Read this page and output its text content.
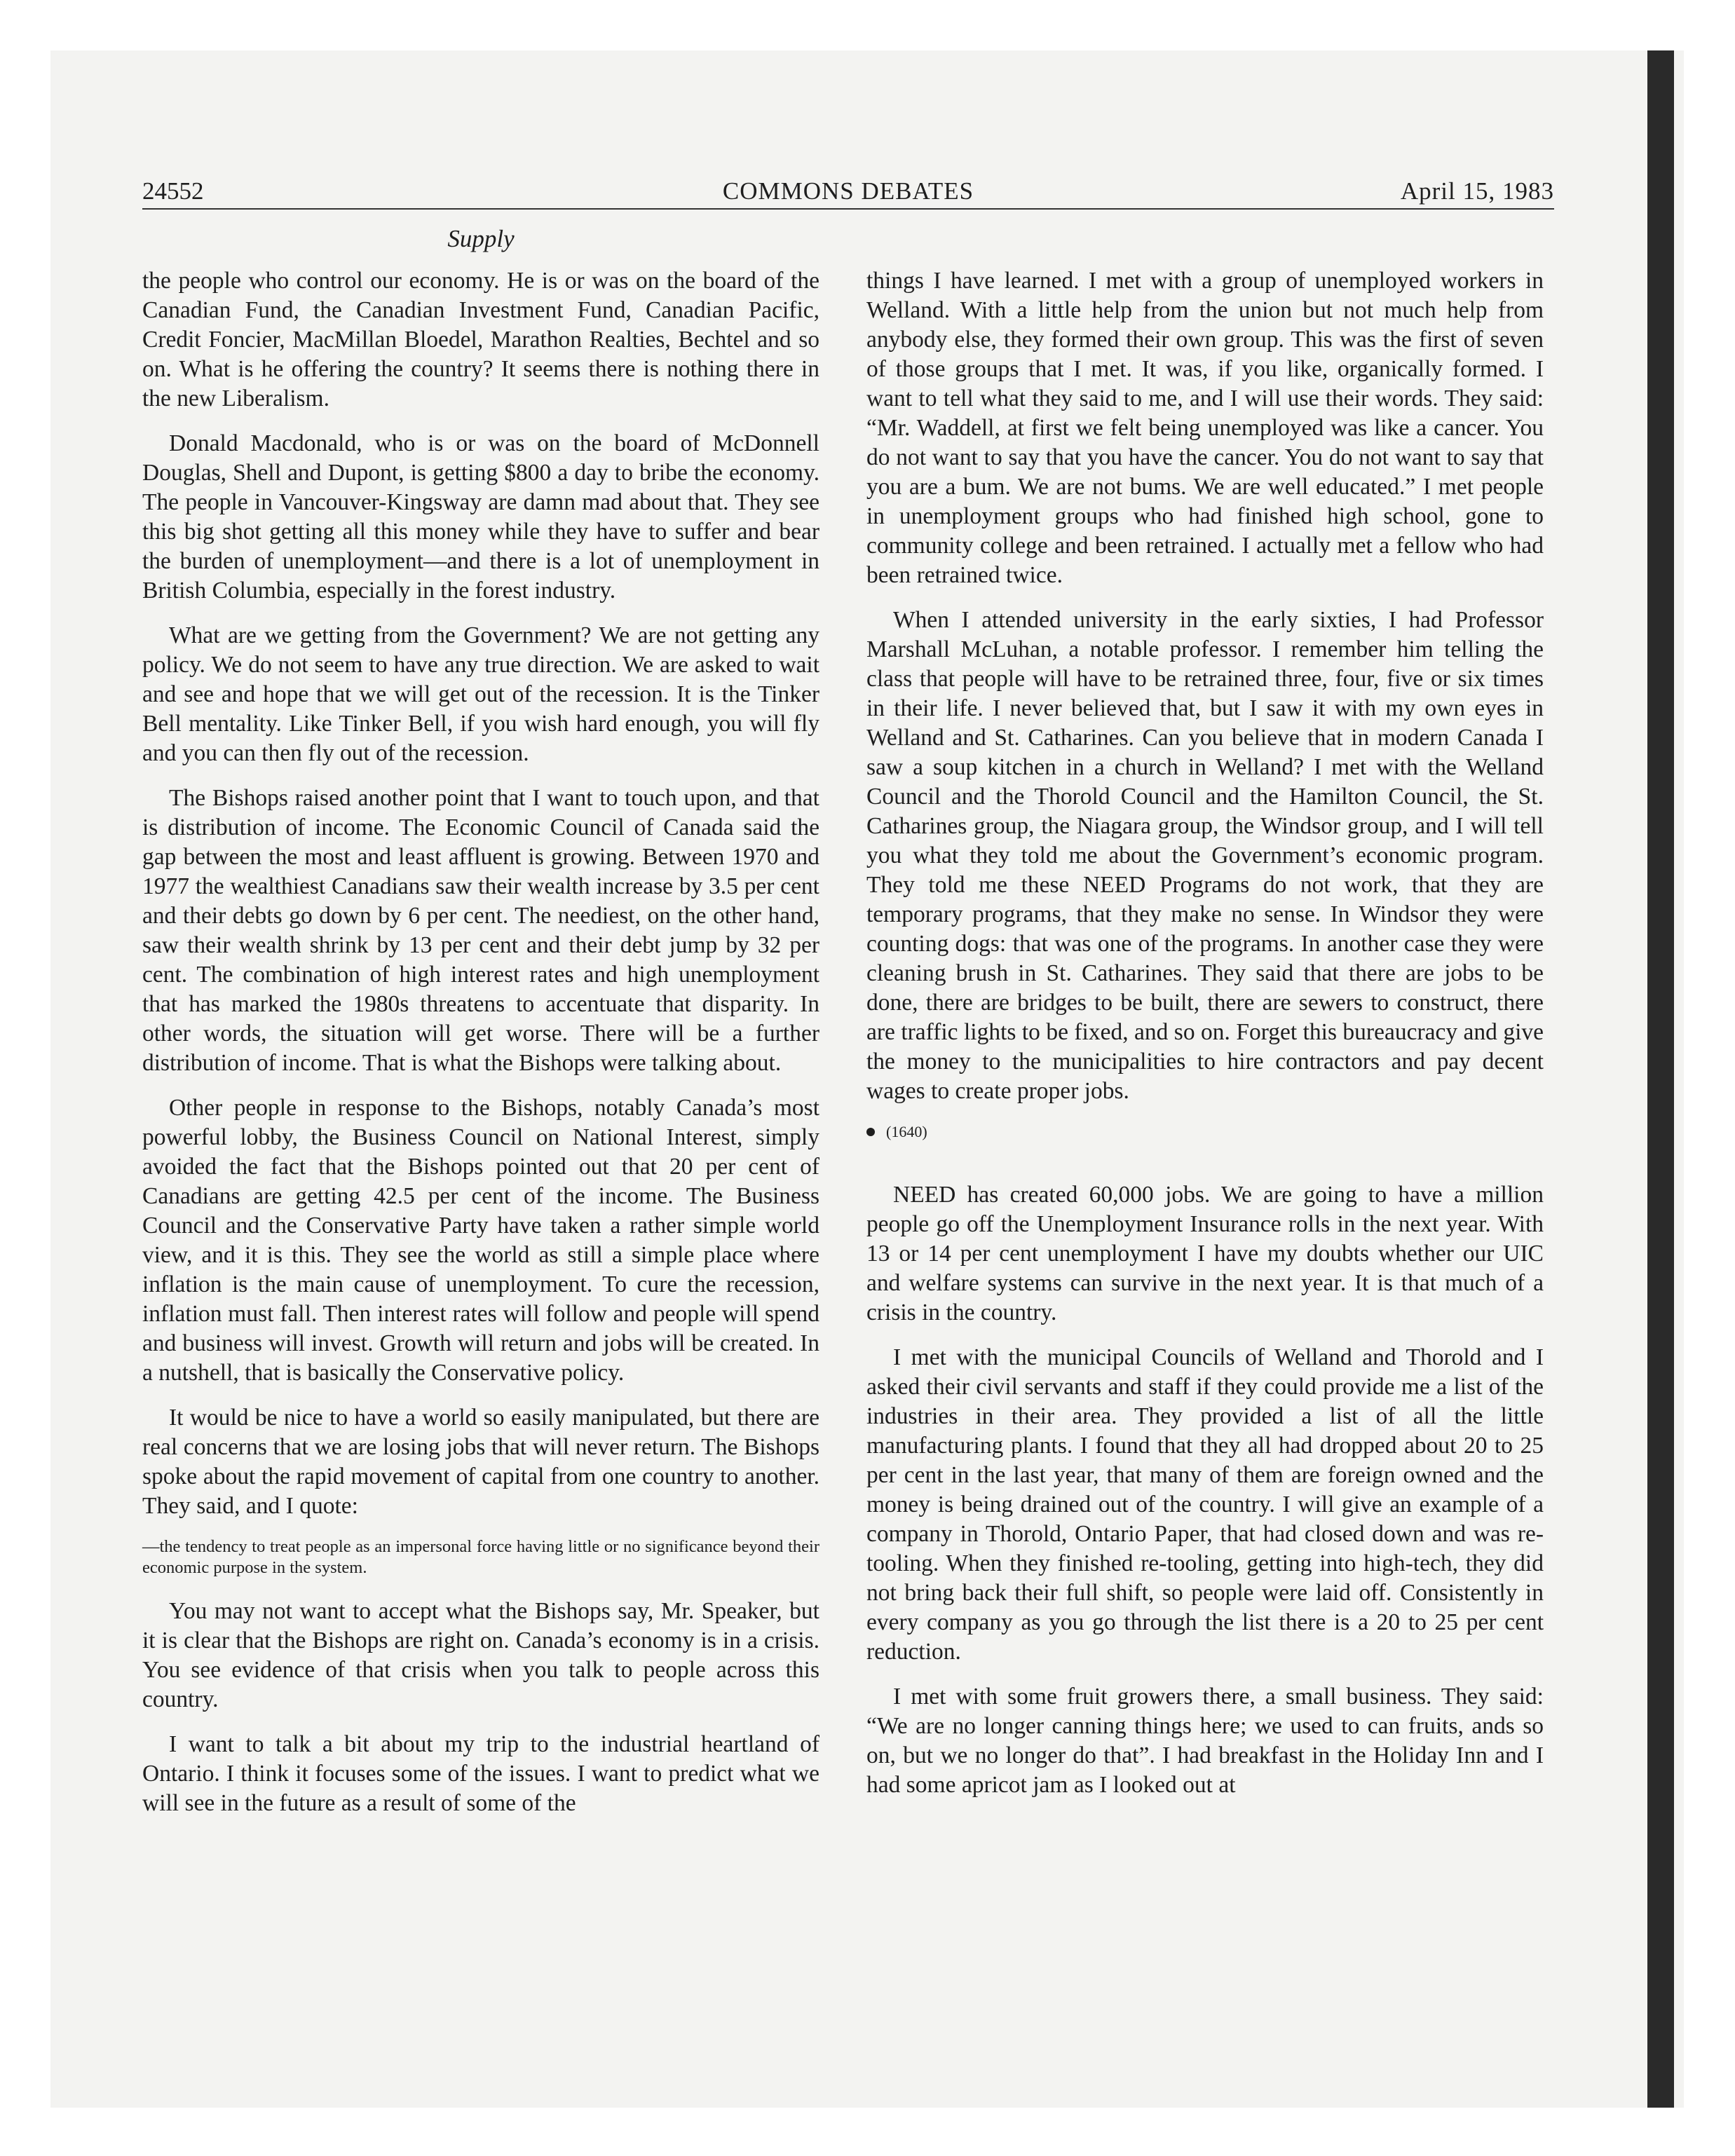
24552	COMMONS DEBATES	April 15, 1983
Supply

the people who control our economy. He is or was on the board of the Canadian Fund, the Canadian Investment Fund, Canadian Pacific, Credit Foncier, MacMillan Bloedel, Marathon Realties, Bechtel and so on. What is he offering the country? It seems there is nothing there in the new Liberalism.

Donald Macdonald, who is or was on the board of McDonnell Douglas, Shell and Dupont, is getting $800 a day to bribe the economy. The people in Vancouver-Kingsway are damn mad about that. They see this big shot getting all this money while they have to suffer and bear the burden of unemployment—and there is a lot of unemployment in British Columbia, especially in the forest industry.

What are we getting from the Government? We are not getting any policy. We do not seem to have any true direction. We are asked to wait and see and hope that we will get out of the recession. It is the Tinker Bell mentality. Like Tinker Bell, if you wish hard enough, you will fly and you can then fly out of the recession.

The Bishops raised another point that I want to touch upon, and that is distribution of income. The Economic Council of Canada said the gap between the most and least affluent is growing. Between 1970 and 1977 the wealthiest Canadians saw their wealth increase by 3.5 per cent and their debts go down by 6 per cent. The neediest, on the other hand, saw their wealth shrink by 13 per cent and their debt jump by 32 per cent. The combination of high interest rates and high unemployment that has marked the 1980s threatens to accentuate that disparity. In other words, the situation will get worse. There will be a further distribution of income. That is what the Bishops were talking about.

Other people in response to the Bishops, notably Canada’s most powerful lobby, the Business Council on National Interest, simply avoided the fact that the Bishops pointed out that 20 per cent of Canadians are getting 42.5 per cent of the income. The Business Council and the Conservative Party have taken a rather simple world view, and it is this. They see the world as still a simple place where inflation is the main cause of unemployment. To cure the recession, inflation must fall. Then interest rates will follow and people will spend and business will invest. Growth will return and jobs will be created. In a nutshell, that is basically the Conservative policy.

It would be nice to have a world so easily manipulated, but there are real concerns that we are losing jobs that will never return. The Bishops spoke about the rapid movement of capital from one country to another. They said, and I quote:

—the tendency to treat people as an impersonal force having little or no significance beyond their economic purpose in the system.

You may not want to accept what the Bishops say, Mr. Speaker, but it is clear that the Bishops are right on. Canada’s economy is in a crisis. You see evidence of that crisis when you talk to people across this country.

I want to talk a bit about my trip to the industrial heartland of Ontario. I think it focuses some of the issues. I want to predict what we will see in the future as a result of some of the

things I have learned. I met with a group of unemployed workers in Welland. With a little help from the union but not much help from anybody else, they formed their own group. This was the first of seven of those groups that I met. It was, if you like, organically formed. I want to tell what they said to me, and I will use their words. They said: “Mr. Waddell, at first we felt being unemployed was like a cancer. You do not want to say that you have the cancer. You do not want to say that you are a bum. We are not bums. We are well educated.” I met people in unemployment groups who had finished high school, gone to community college and been retrained. I actually met a fellow who had been retrained twice.

When I attended university in the early sixties, I had Professor Marshall McLuhan, a notable professor. I remember him telling the class that people will have to be retrained three, four, five or six times in their life. I never believed that, but I saw it with my own eyes in Welland and St. Catharines. Can you believe that in modern Canada I saw a soup kitchen in a church in Welland? I met with the Welland Council and the Thorold Council and the Hamilton Council, the St. Catharines group, the Niagara group, the Windsor group, and I will tell you what they told me about the Government’s economic program. They told me these NEED Programs do not work, that they are temporary programs, that they make no sense. In Windsor they were counting dogs: that was one of the programs. In another case they were cleaning brush in St. Catharines. They said that there are jobs to be done, there are bridges to be built, there are sewers to construct, there are traffic lights to be fixed, and so on. Forget this bureaucracy and give the money to the municipalities to hire contractors and pay decent wages to create proper jobs.

(1640)

NEED has created 60,000 jobs. We are going to have a million people go off the Unemployment Insurance rolls in the next year. With 13 or 14 per cent unemployment I have my doubts whether our UIC and welfare systems can survive in the next year. It is that much of a crisis in the country.

I met with the municipal Councils of Welland and Thorold and I asked their civil servants and staff if they could provide me a list of the industries in their area. They provided a list of all the little manufacturing plants. I found that they all had dropped about 20 to 25 per cent in the last year, that many of them are foreign owned and the money is being drained out of the country. I will give an example of a company in Thorold, Ontario Paper, that had closed down and was re-tooling. When they finished re-tooling, getting into high-tech, they did not bring back their full shift, so people were laid off. Consistently in every company as you go through the list there is a 20 to 25 per cent reduction.

I met with some fruit growers there, a small business. They said: “We are no longer canning things here; we used to can fruits, ands so on, but we no longer do that”. I had breakfast in the Holiday Inn and I had some apricot jam as I looked out at
